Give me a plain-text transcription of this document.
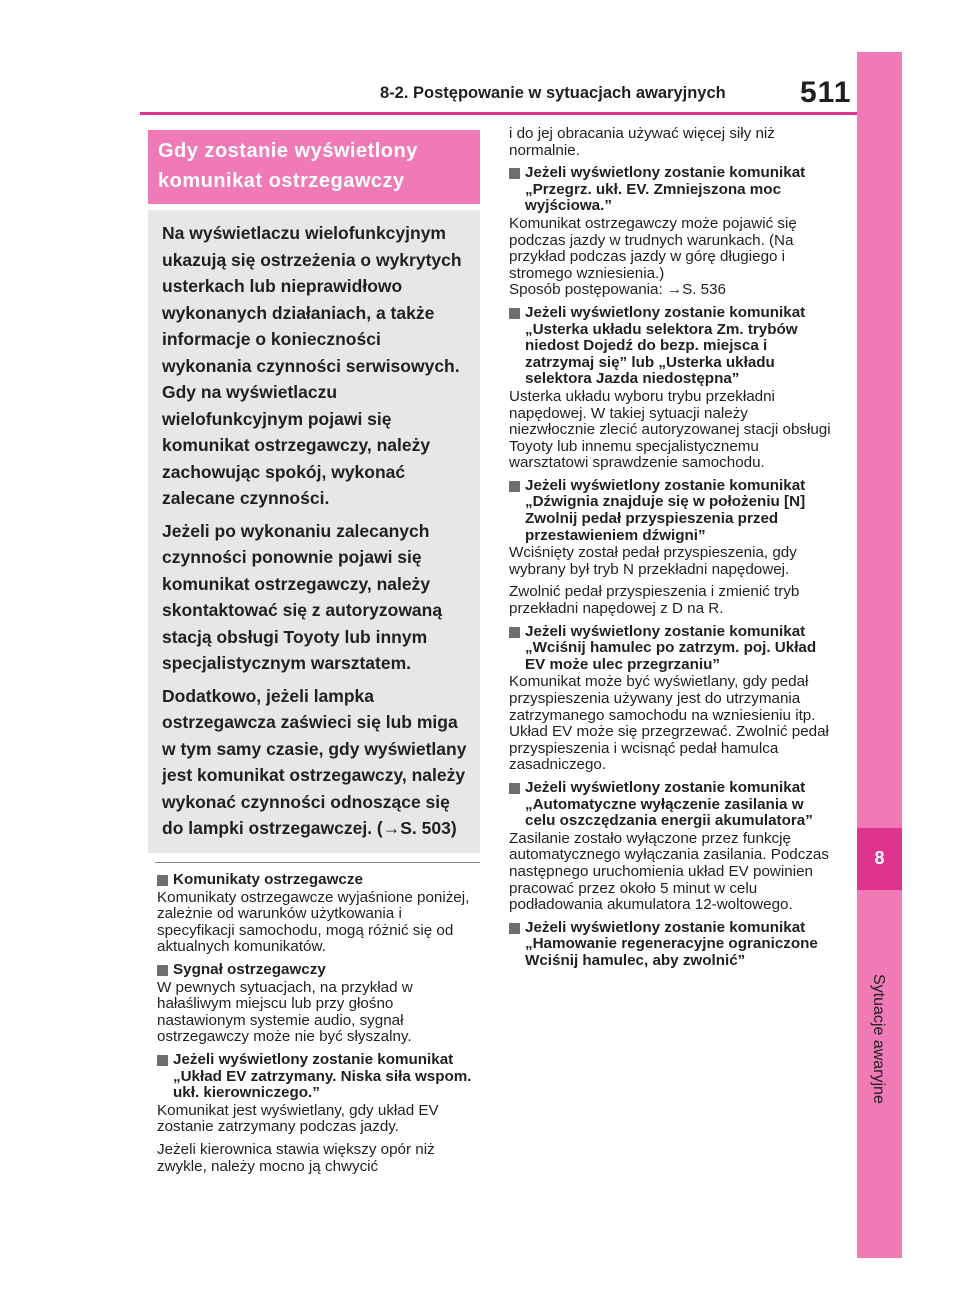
8
Sytuacje awaryjne
8-2. Postępowanie w sytuacjach awaryjnych	511
Gdy zostanie wyświetlony
komunikat ostrzegawczy

Na wyświetlaczu wielofunkcyjnym ukazują się ostrzeżenia o wykrytych usterkach lub nieprawidłowo wykonanych działaniach, a także informacje o konieczności wykonania czynności serwisowych. Gdy na wyświetlaczu wielofunkcyjnym pojawi się komunikat ostrzegawczy, należy zachowując spokój, wykonać zalecane czynności.

Jeżeli po wykonaniu zalecanych czynności ponownie pojawi się komunikat ostrzegawczy, należy skontaktować się z autoryzowaną stacją obsługi Toyoty lub innym specjalistycznym warsztatem.

Dodatkowo, jeżeli lampka ostrzegawcza zaświeci się lub miga w tym samy czasie, gdy wyświetlany jest komunikat ostrzegawczy, należy wykonać czynności odnoszące się do lampki ostrzegawczej. (→S. 503)

Komunikaty ostrzegawcze

Komunikaty ostrzegawcze wyjaśnione poniżej, zależnie od warunków użytkowania i specyfikacji samochodu, mogą różnić się od aktualnych komunikatów.

Sygnał ostrzegawczy

W pewnych sytuacjach, na przykład w hałaśliwym miejscu lub przy głośno nastawionym systemie audio, sygnał ostrzegawczy może nie być słyszalny.

Jeżeli wyświetlony zostanie komunikat „Układ EV zatrzymany. Niska siła wspom. ukł. kierowniczego.”

Komunikat jest wyświetlany, gdy układ EV zostanie zatrzymany podczas jazdy.

Jeżeli kierownica stawia większy opór niż zwykle, należy mocno ją chwycić

i do jej obracania używać więcej siły niż normalnie.

Jeżeli wyświetlony zostanie komunikat „Przegrz. ukł. EV. Zmniejszona moc wyjściowa.”

Komunikat ostrzegawczy może pojawić się podczas jazdy w trudnych warunkach. (Na przykład podczas jazdy w górę długiego i stromego wzniesienia.)

Sposób postępowania: →S. 536

Jeżeli wyświetlony zostanie komunikat „Usterka układu selektora Zm. trybów niedost Dojedź do bezp. miejsca i zatrzymaj się” lub „Usterka układu selektora Jazda niedostępna”

Usterka układu wyboru trybu przekładni napędowej. W takiej sytuacji należy niezwłocznie zlecić autoryzowanej stacji obsługi Toyoty lub innemu specjalistycznemu warsztatowi sprawdzenie samochodu.

Jeżeli wyświetlony zostanie komunikat „Dźwignia znajduje się w położeniu [N] Zwolnij pedał przyspieszenia przed przestawieniem dźwigni”

Wciśnięty został pedał przyspieszenia, gdy wybrany był tryb N przekładni napędowej.

Zwolnić pedał przyspieszenia i zmienić tryb przekładni napędowej z D na R.

Jeżeli wyświetlony zostanie komunikat „Wciśnij hamulec po zatrzym. poj. Układ EV może ulec przegrzaniu”

Komunikat może być wyświetlany, gdy pedał przyspieszenia używany jest do utrzymania zatrzymanego samochodu na wzniesieniu itp. Układ EV może się przegrzewać. Zwolnić pedał przyspieszenia i wcisnąć pedał hamulca zasadniczego.

Jeżeli wyświetlony zostanie komunikat „Automatyczne wyłączenie zasilania w celu oszczędzania energii akumulatora”

Zasilanie zostało wyłączone przez funkcję automatycznego wyłączania zasilania. Podczas następnego uruchomienia układ EV powinien pracować przez około 5 minut w celu podładowania akumulatora 12-woltowego.

Jeżeli wyświetlony zostanie komunikat „Hamowanie regeneracyjne ograniczone Wciśnij hamulec, aby zwolnić”
